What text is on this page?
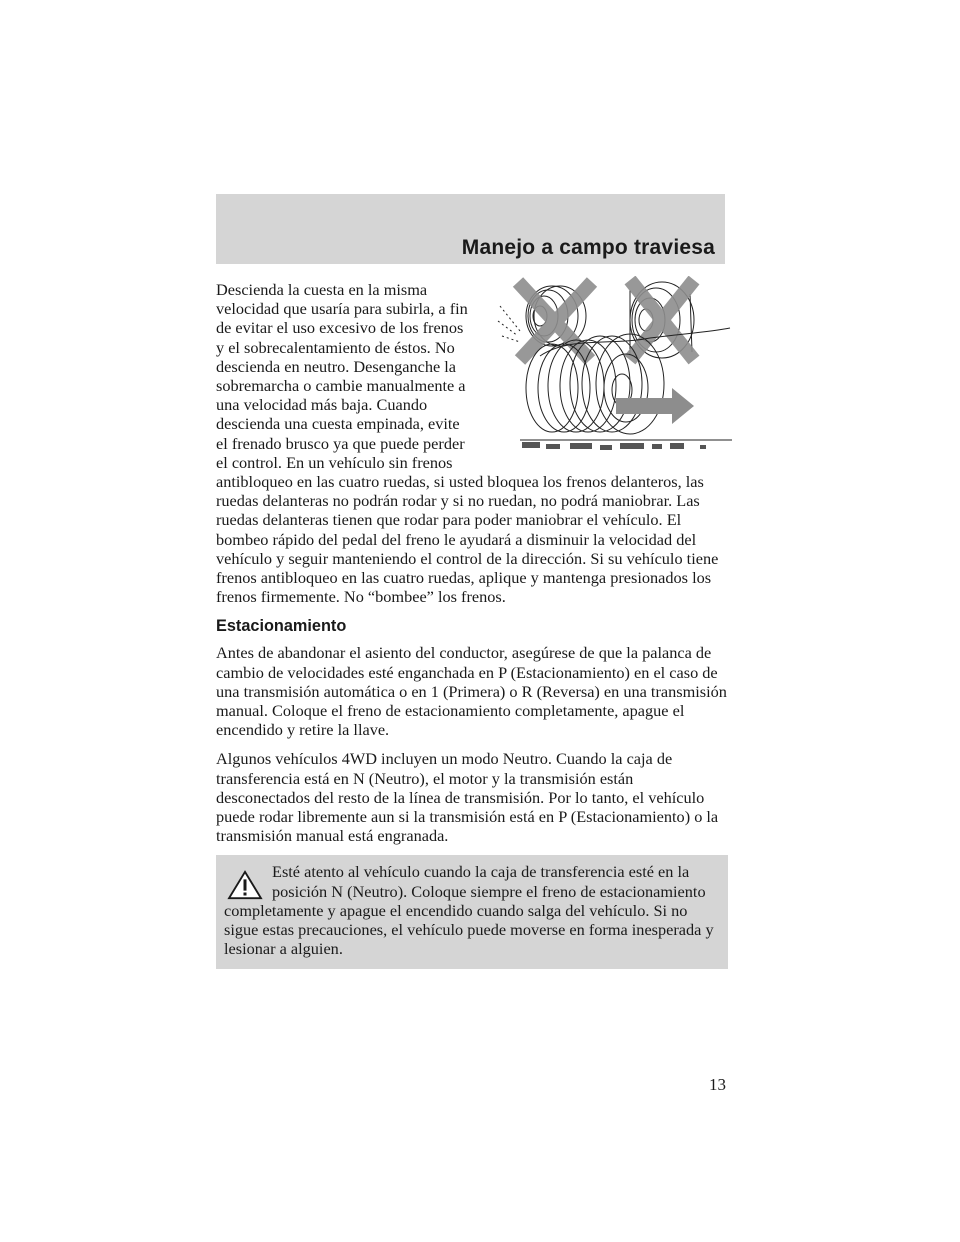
Manejo a campo traviesa

Descienda la cuesta en la misma velocidad que usaría para subirla, a fin de evitar el uso excesivo de los frenos y el sobrecalentamiento de éstos. No descienda en neutro. Desenganche la sobremarcha o cambie manualmente a una velocidad más baja. Cuando descienda una cuesta empinada, evite el frenado brusco ya que puede perder el control. En un vehículo sin frenos antibloqueo en las cuatro ruedas, si usted bloquea los frenos delanteros, las ruedas delanteras no podrán rodar y si no ruedan, no podrá maniobrar. Las ruedas delanteras tienen que rodar para poder maniobrar el vehículo. El bombeo rápido del pedal del freno le ayudará a disminuir la velocidad del vehículo y seguir manteniendo el control de la dirección. Si su vehículo tiene frenos antibloqueo en las cuatro ruedas, aplique y mantenga presionados los frenos firmemente. No “bombee” los frenos.

Estacionamiento

Antes de abandonar el asiento del conductor, asegúrese de que la palanca de cambio de velocidades esté enganchada en P (Estacionamiento) en el caso de una transmisión automática o en 1 (Primera) o R (Reversa) en una transmisión manual. Coloque el freno de estacionamiento completamente, apague el encendido y retire la llave.

Algunos vehículos 4WD incluyen un modo Neutro. Cuando la caja de transferencia está en N (Neutro), el motor y la transmisión están desconectados del resto de la línea de transmisión. Por lo tanto, el vehículo puede rodar libremente aun si la transmisión está en P (Estacionamiento) o la transmisión manual está engranada.

Esté atento al vehículo cuando la caja de transferencia esté en la posición N (Neutro). Coloque siempre el freno de estacionamiento completamente y apague el encendido cuando salga del vehículo. Si no sigue estas precauciones, el vehículo puede moverse en forma inesperada y lesionar a alguien.

13
